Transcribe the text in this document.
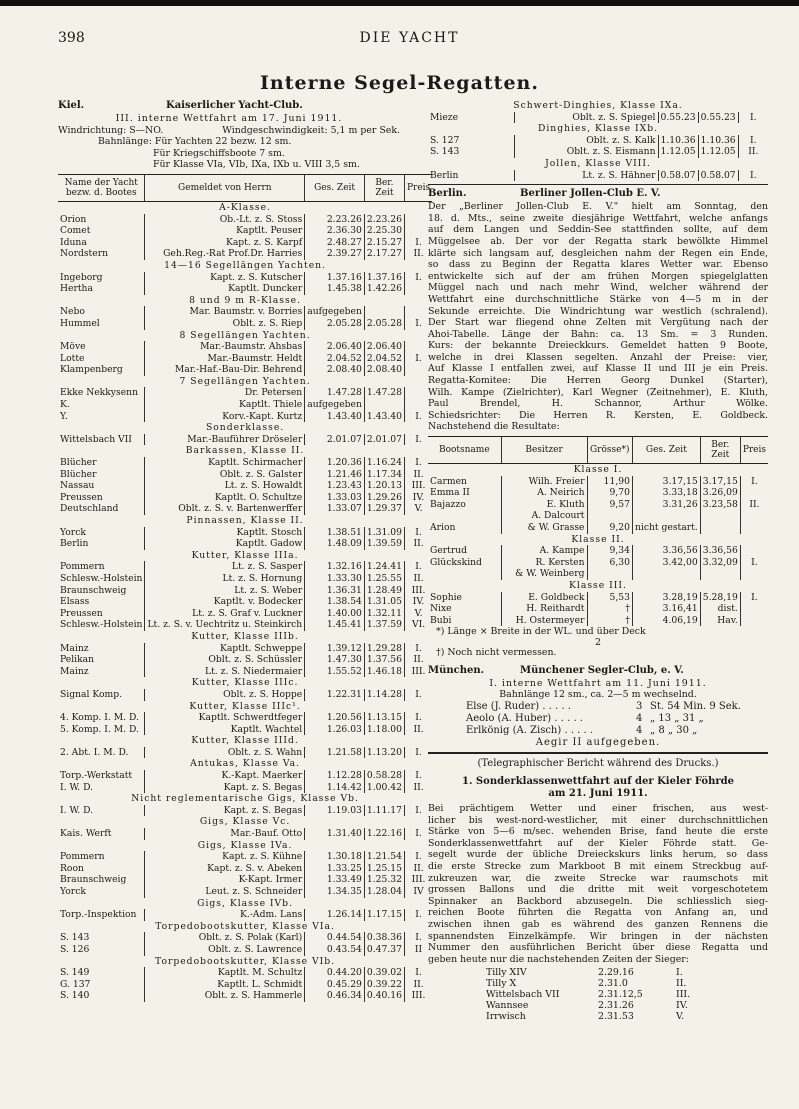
398	DIE YACHT
Interne Segel-Regatten.
Kiel.	Kaiserlicher Yacht-Club.
III. interne Wettfahrt am 17. Juni 1911.
Windrichtung: S—NO.	Windgeschwindigkeit: 5,1 m per Sek.
Bahnlänge: Für Yachten 22 bezw. 12 sm.
Für Kriegschiffsboote 7 sm.
Für Klasse VIa, VIb, IXa, IXb u. VIII 3,5 sm.
Name der Yacht bezw. d. Bootes	Gemeldet von Herrn	Ges. Zeit	Ber. Zeit	Preis
A-Klasse.				
Orion	Ob.-Lt. z. S. Stoss	2.23.26	2.23.26	
Comet	Kaptlt. Peuser	2.36.30	2.25.30	
Iduna	Kapt. z. S. Karpf	2.48.27	2.15.27	I.
Nordstern	Geh.Reg.-Rat Prof.Dr. Harries	2.39.27	2.17.27	II.
14—16 Segellängen Yachten.				
Ingeborg	Kapt. z. S. Kutscher	1.37.16	1.37.16	I.
Hertha	Kaptlt. Duncker	1.45.38	1.42.26	
8 und 9 m R-Klasse.				
Nebo	Mar. Baumstr. v. Borries	aufgegeben		
Hummel	Oblt. z. S. Riep	2.05.28	2.05.28	I.
8 Segellängen Yachten.				
Möve	Mar.-Baumstr. Ahsbas	2.06.40	2.06.40	
Lotte	Mar.-Baumstr. Heldt	2.04.52	2.04.52	I.
Klampenberg	Mar.-Haf.-Bau-Dir. Behrend	2.08.40	2.08.40	
7 Segellängen Yachten.				
Ekke Nekkysenn	Dr. Petersen	1.47.28	1.47.28	
K.	Kaptlt. Thiele	aufgegeben		
Y.	Korv.-Kapt. Kurtz	1.43.40	1.43.40	I.
Sonderklasse.				
Wittelsbach VII	Mar.-Bauführer Dröseler	2.01.07	2.01.07	I.
Barkassen, Klasse II.				
Blücher	Kaptlt. Schirmacher	1.20.36	1.16.24	I.
Blücher	Oblt. z. S. Galster	1.21.46	1.17.34	II.
Nassau	Lt. z. S. Howaldt	1.23.43	1.20.13	III.
Preussen	Kaptlt. O. Schultze	1.33.03	1.29.26	IV.
Deutschland	Oblt. z. S. v. Bartenwerffer	1.33.07	1.29.37	V.
Pinnassen, Klasse II.				
Yorck	Kaptlt. Stosch	1.38.51	1.31.09	I.
Berlin	Kaptlt. Gadow	1.48.09	1.39.59	II.
Kutter, Klasse IIIa.				
Pommern	Lt. z. S. Sasper	1.32.16	1.24.41	I.
Schlesw.-Holstein	Lt. z. S. Hornung	1.33.30	1.25.55	II.
Braunschweig	Lt. z. S. Weber	1.36.31	1.28.49	III.
Elsass	Kaptlt. v. Bodecker	1.38.54	1.31.05	IV.
Preussen	Lt. z. S. Graf v. Luckner	1.40.00	1.32.11	V.
Schlesw.-Holstein	Lt. z. S. v. Uechtritz u. Steinkirch	1.45.41	1.37.59	VI.
Kutter, Klasse IIIb.				
Mainz	Kaptlt. Schweppe	1.39.12	1.29.28	I.
Pelikan	Oblt. z. S. Schüssler	1.47.30	1.37.56	II.
Mainz	Lt. z. S. Niedermaier	1.55.52	1.46.18	III.
Kutter, Klasse IIIc.				
Signal Komp.	Oblt. z. S. Hoppe	1.22.31	1.14.28	I.
Kutter, Klasse IIIc¹.				
4. Komp. I. M. D.	Kaptlt. Schwerdtfeger	1.20.56	1.13.15	I.
5. Komp. I. M. D.	Kaptlt. Wachtel	1.26.03	1.18.00	II.
Kutter, Klasse IIId.				
2. Abt. I. M. D.	Oblt. z. S. Wahn	1.21.58	1.13.20	I.
Antukas, Klasse Va.				
Torp.-Werkstatt	K.-Kapt. Maerker	1.12.28	0.58.28	I.
I. W. D.	Kapt. z. S. Begas	1.14.42	1.00.42	II.
Nicht reglementarische Gigs, Klasse Vb.				
I. W. D.	Kapt. z. S. Begas	1.19.03	1.11.17	I.
Gigs, Klasse Vc.				
Kais. Werft	Mar.-Bauf. Otto	1.31.40	1.22.16	I.
Gigs, Klasse IVa.				
Pommern	Kapt. z. S. Kühne	1.30.18	1.21.54	I.
Roon	Kapt. z. S. v. Abeken	1.33.25	1.25.15	II.
Braunschweig	K-Kapt. Irmer	1.33.49	1.25.32	III.
Yorck	Leut. z. S. Schneider	1.34.35	1.28.04	IV
Gigs, Klasse IVb.				
Torp.-Inspektion	K.-Adm. Lans	1.26.14	1.17.15	I.
Torpedobootskutter, Klasse VIa.				
S. 143	Oblt. z. S. Polak (Karl)	0.44.54	0.38.36	I.
S. 126	Oblt. z. S. Lawrence	0.43.54	0.47.37	II
Torpedobootskutter, Klasse VIb.				
S. 149	Kaptlt. M. Schultz	0.44.20	0.39.02	I.
G. 137	Kaptlt. L. Schmidt	0.45.29	0.39.22	II.
S. 140	Oblt. z. S. Hammerle	0.46.34	0.40.16	III.
Schwert-Dinghies, Klasse IXa.				
Mieze	Oblt. z. S. Spiegel	0.55.23	0.55.23	I.
Dinghies, Klasse IXb.				
S. 127	Oblt. z. S. Kalk	1.10.36	1.10.36	I.
S. 143	Oblt. z. S. Eismann	1.12.05	1.12.05	II.
Jollen, Klasse VIII.				
Berlin	Lt. z. S. Hähner	0.58.07	0.58.07	I.
Berlin.	Berliner Jollen-Club E. V.
Der „Berliner Jollen-Club E. V." hielt am Sonntag, den
18. d. Mts., seine zweite diesjährige Wettfahrt, welche anfangs
auf dem Langen und Seddin-See stattfinden sollte, auf dem
Müggelsee ab. Der vor der Regatta stark bewölkte Himmel
klärte sich langsam auf, desgleichen nahm der Regen ein Ende,
so dass zu Beginn der Regatta klares Wetter war. Ebenso
entwickelte sich auf der am frühen Morgen spiegelglatten
Müggel nach und nach mehr Wind, welcher während der
Wettfahrt eine durchschnittliche Stärke von 4—5 m in der
Sekunde erreichte. Die Windrichtung war westlich (schralend).
Der Start war fliegend ohne Zelten mit Vergütung nach der
Ahoi-Tabelle. Länge der Bahn: ca. 13 Sm. = 3 Runden.
Kurs: der bekannte Dreieckkurs. Gemeldet hatten 9 Boote,
welche in drei Klassen segelten. Anzahl der Preise: vier,
Auf Klasse I entfallen zwei, auf Klasse II und III je ein Preis.
Regatta-Komitee: Die Herren Georg Dunkel (Starter),
Wilh. Kampe (Zielrichter), Karl Wegner (Zeitnehmer), E. Kluth,
Paul Brendel, H. Schannor, Arthur Wölke.
Schiedsrichter: Die Herren R. Kersten, E. Goldbeck.
Nachstehend die Resultate:
Bootsname	Besitzer	Grösse*)	Ges. Zeit	Ber. Zeit	Preis
Klasse I.					
Carmen	Wilh. Freier	11,90	3.17,15	3.17,15	I.
Emma II	A. Neirich	9,70	3.33,18	3.26,09	
Bajazzo	E. Kluth	9,57	3.31,26	3.23,58	II.
	A. Dalcourt				
Arion	& W. Grasse	9,20	nicht gestart.		
Klasse II.					
Gertrud	A. Kampe	9,34	3.36,56	3.36,56	
Glückskind	R. Kersten	6,30	3.42,00	3.32,09	I.
	& W. Weinberg				
Klasse III.					
Sophie	E. Goldbeck	5,53	3.28,19	5.28,19	I.
Nixe	H. Reithardt	†	3.16,41	dist.	
Bubi	H. Ostermeyer	†	4.06,19	Hav.	
*) Länge × Breite in der WL. und über Deck
2
†) Noch nicht vermessen.
München.	Münchener Segler-Club, e. V.
I. interne Wettfahrt am 11. Juni 1911.
Bahnlänge 12 sm., ca. 2—5 m wechselnd.
Else (J. Ruder) . . . . .	3 St. 54 Min. 9 Sek.
Aeolo (A. Huber) . . . . .	4 „ 13 „ 31 „
Erlkönig (A. Zisch) . . . . .	4 „ 8 „ 30 „
Aegir II aufgegeben.
(Telegraphischer Bericht während des Drucks.)
1. Sonderklassenwettfahrt auf der Kieler Föhrde
am 21. Juni 1911.
Bei prächtigem Wetter und einer frischen, aus west-
licher bis west-nord-westlicher, mit einer durchschnittlichen
Stärke von 5—6 m/sec. wehenden Brise, fand heute die erste
Sonderklassenwettfahrt auf der Kieler Föhrde statt. Ge-
segelt wurde der übliche Dreieckskurs links herum, so dass
die erste Strecke zum Markboot B mit einem Streckbug auf-
zukreuzen war, die zweite Strecke war raumschots mit
grossen Ballons und die dritte mit weit vorgeschotetem
Spinnaker an Backbord abzusegeln. Die schliesslich sieg-
reichen Boote führten die Regatta von Anfang an, und
zwischen ihnen gab es während des ganzen Rennens die
spannendsten Einzelkämpfe. Wir bringen in der nächsten
Nummer den ausführlichen Bericht über diese Regatta und
geben heute nur die nachstehenden Zeiten der Sieger:
Tilly XIV	2.29.16	I.
Tilly X	2.31.0	II.
Wittelsbach VII	2.31.12,5	III.
Wannsee	2.31.26	IV.
Irrwisch	2.31.53	V.
